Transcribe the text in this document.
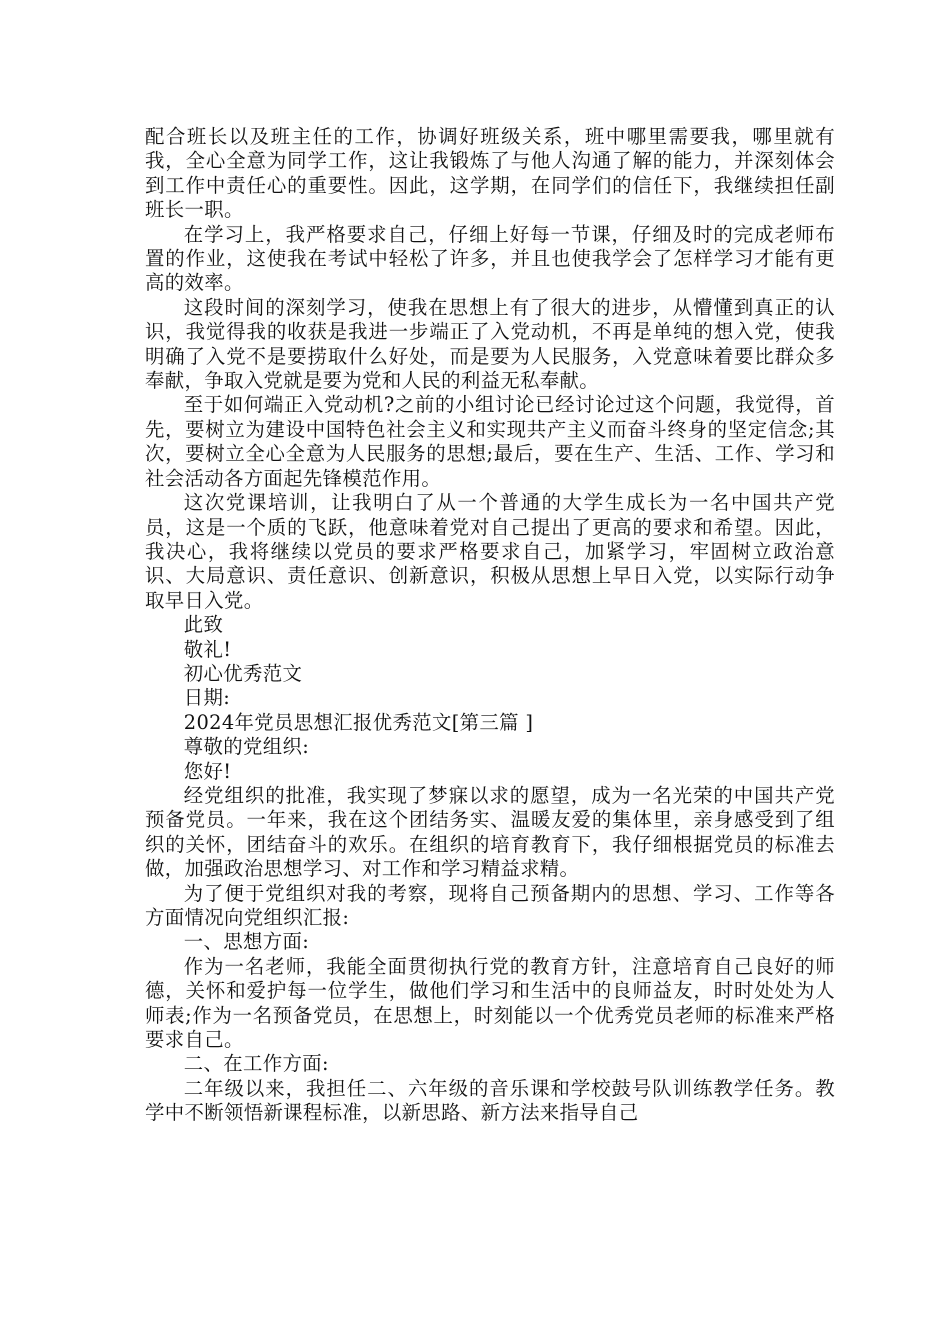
配合班长以及班主任的工作，协调好班级关系，班中哪里需要我，哪里就有我，全心全意为同学工作，这让我锻炼了与他人沟通了解的能力，并深刻体会到工作中责任心的重要性。因此，这学期，在同学们的信任下，我继续担任副班长一职。

在学习上，我严格要求自己，仔细上好每一节课，仔细及时的完成老师布置的作业，这使我在考试中轻松了许多，并且也使我学会了怎样学习才能有更高的效率。

这段时间的深刻学习，使我在思想上有了很大的进步，从懵懂到真正的认识，我觉得我的收获是我进一步端正了入党动机，不再是单纯的想入党，使我明确了入党不是要捞取什么好处，而是要为人民服务，入党意味着要比群众多奉献，争取入党就是要为党和人民的利益无私奉献。

至于如何端正入党动机?之前的小组讨论已经讨论过这个问题，我觉得，首先，要树立为建设中国特色社会主义和实现共产主义而奋斗终身的坚定信念;其次，要树立全心全意为人民服务的思想;最后，要在生产、生活、工作、学习和社会活动各方面起先锋模范作用。

这次党课培训，让我明白了从一个普通的大学生成长为一名中国共产党员，这是一个质的飞跃，他意味着党对自己提出了更高的要求和希望。因此，我决心，我将继续以党员的要求严格要求自己，加紧学习，牢固树立政治意识、大局意识、责任意识、创新意识，积极从思想上早日入党，以实际行动争取早日入党。

此致

敬礼!

初心优秀范文

日期:

2024年党员思想汇报优秀范文[第三篇 ]

尊敬的党组织:

您好!

经党组织的批准，我实现了梦寐以求的愿望，成为一名光荣的中国共产党预备党员。一年来，我在这个团结务实、温暖友爱的集体里，亲身感受到了组织的关怀，团结奋斗的欢乐。在组织的培育教育下，我仔细根据党员的标准去做，加强政治思想学习、对工作和学习精益求精。

为了便于党组织对我的考察，现将自己预备期内的思想、学习、工作等各方面情况向党组织汇报:

一、思想方面:

作为一名老师，我能全面贯彻执行党的教育方针，注意培育自己良好的师德，关怀和爱护每一位学生，做他们学习和生活中的良师益友，时时处处为人师表;作为一名预备党员，在思想上，时刻能以一个优秀党员老师的标准来严格要求自己。

二、在工作方面:

二年级以来，我担任二、六年级的音乐课和学校鼓号队训练教学任务。教学中不断领悟新课程标准，以新思路、新方法来指导自己
